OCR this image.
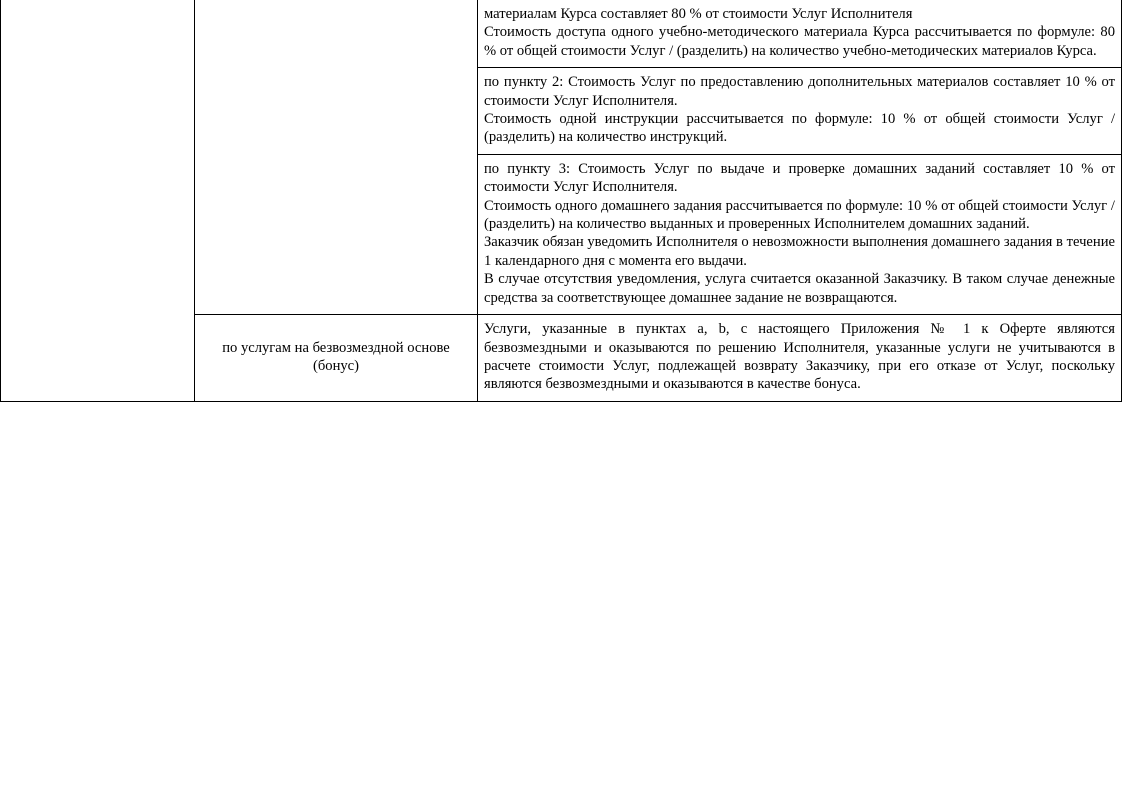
		материалам Курса составляет 80 % от стоимости Услуг Исполнителя
Стоимость доступа одного учебно-методического материала Курса рассчитывается по формуле: 80 % от общей стоимости Услуг / (разделить) на количество учебно-методических материалов Курса.

		по пункту 2: Стоимость Услуг по предоставлению дополнительных материалов составляет 10 % от стоимости Услуг Исполнителя.
Стоимость одной инструкции рассчитывается по формуле: 10 % от общей стоимости Услуг / (разделить) на количество инструкций.

		по пункту 3: Стоимость Услуг по выдаче и проверке домашних заданий составляет 10 % от стоимости Услуг Исполнителя.
Стоимость одного домашнего задания рассчитывается по формуле: 10 % от общей стоимости Услуг / (разделить) на количество выданных и проверенных Исполнителем домашних заданий.
Заказчик обязан уведомить Исполнителя о невозможности выполнения домашнего задания в течение 1 календарного дня с момента его выдачи.
В случае отсутствия уведомления, услуга считается оказанной Заказчику. В таком случае денежные средства за соответствующее домашнее задание не возвращаются.

	по услугам на безвозмездной основе (бонус)	Услуги, указанные в пунктах a, b, с настоящего Приложения № 1 к Оферте являются безвозмездными и оказываются по решению Исполнителя, указанные услуги не учитываются в расчете стоимости Услуг, подлежащей возврату Заказчику, при его отказе от Услуг, поскольку являются безвозмездными и оказываются в качестве бонуса.
